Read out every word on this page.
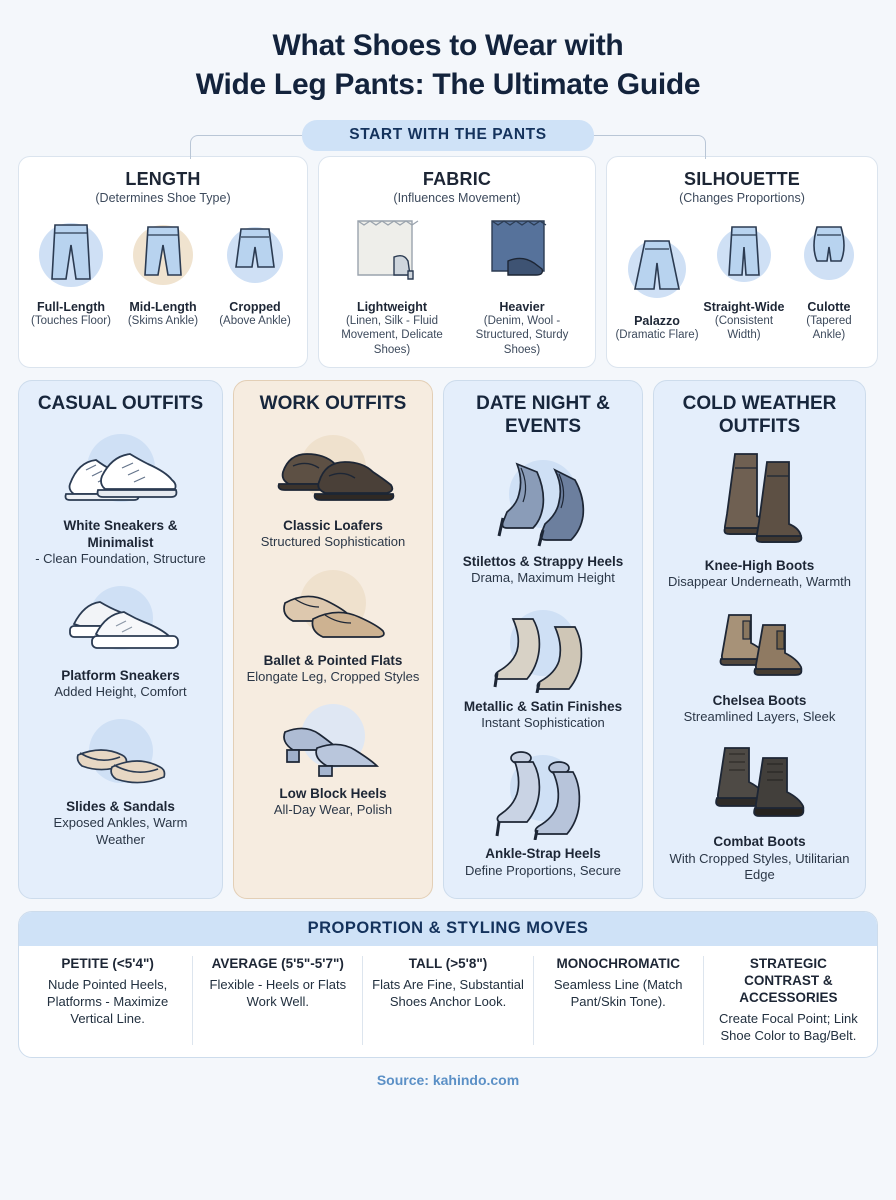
What Shoes to Wear with
Wide Leg Pants: The Ultimate Guide
START WITH THE PANTS
LENGTH
(Determines Shoe Type)
Full-Length
(Touches Floor)
Mid-Length
(Skims Ankle)
Cropped
(Above Ankle)
FABRIC
(Influences Movement)
Lightweight
(Linen, Silk - Fluid Movement, Delicate Shoes)
Heavier
(Denim, Wool - Structured, Sturdy Shoes)
SILHOUETTE
(Changes Proportions)
Palazzo
(Dramatic Flare)
Straight-Wide
(Consistent Width)
Culotte
(Tapered Ankle)
CASUAL OUTFITS
White Sneakers & Minimalist
- Clean Foundation, Structure
Platform Sneakers
Added Height, Comfort
Slides & Sandals
Exposed Ankles, Warm Weather
WORK OUTFITS
Classic Loafers
Structured Sophistication
Ballet & Pointed Flats
Elongate Leg, Cropped Styles
Low Block Heels
All-Day Wear, Polish
DATE NIGHT & EVENTS
Stilettos & Strappy Heels
Drama, Maximum Height
Metallic & Satin Finishes
Instant Sophistication
Ankle-Strap Heels
Define Proportions, Secure
COLD WEATHER OUTFITS
Knee-High Boots
Disappear Underneath, Warmth
Chelsea Boots
Streamlined Layers, Sleek
Combat Boots
With Cropped Styles, Utilitarian Edge
PROPORTION & STYLING MOVES
PETITE (<5'4")
Nude Pointed Heels, Platforms - Maximize Vertical Line.
AVERAGE (5'5"-5'7")
Flexible - Heels or Flats Work Well.
TALL (>5'8")
Flats Are Fine, Substantial Shoes Anchor Look.
MONOCHROMATIC
Seamless Line (Match Pant/Skin Tone).
STRATEGIC CONTRAST & ACCESSORIES
Create Focal Point; Link Shoe Color to Bag/Belt.
Source: kahindo.com
